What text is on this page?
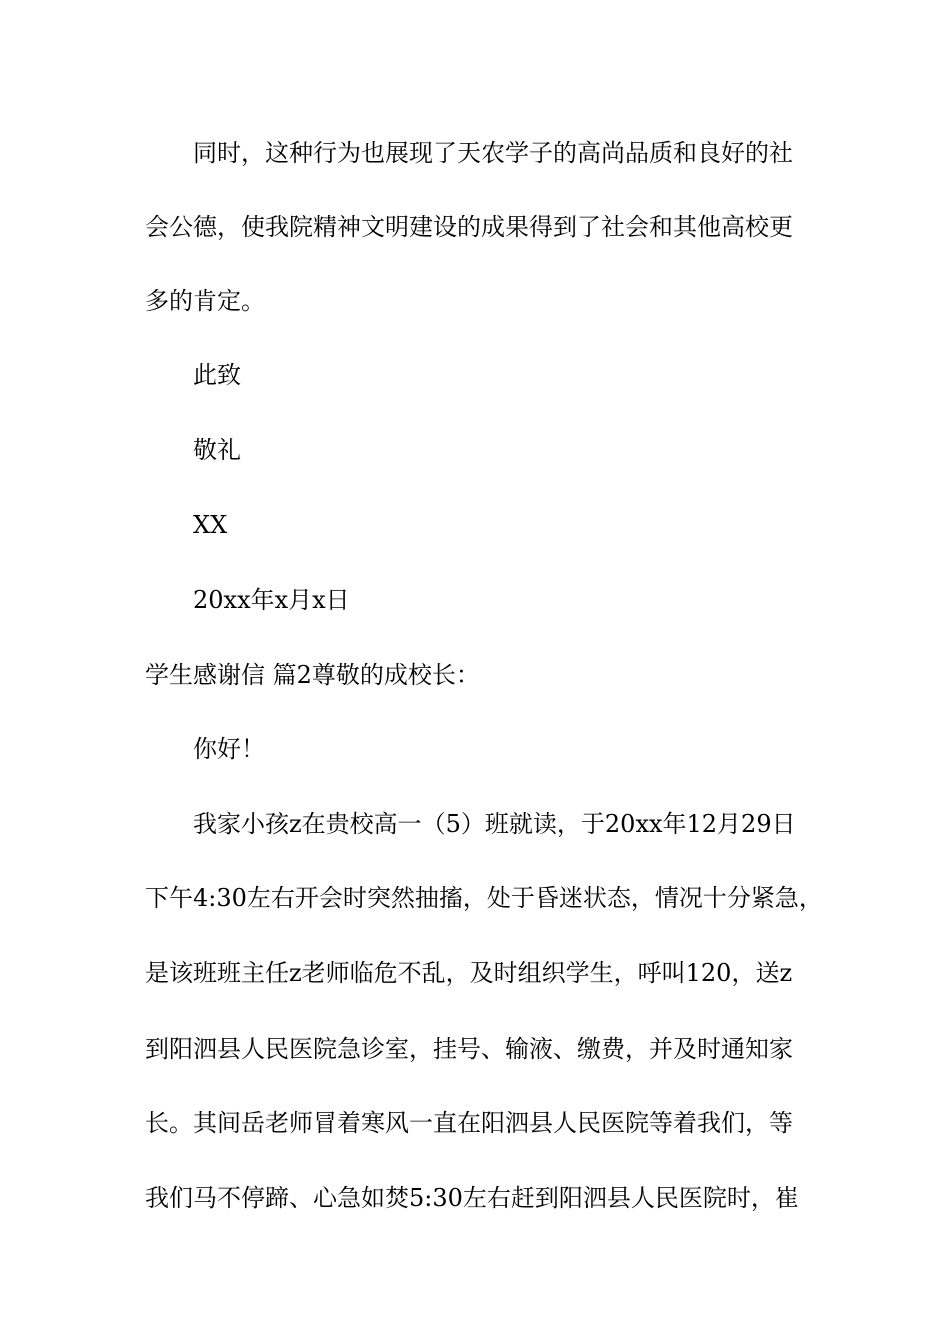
同时，这种行为也展现了天农学子的高尚品质和良好的社
会公德，使我院精神文明建设的成果得到了社会和其他高校更
多的肯定。
此致
敬礼
XX
20xx年x月x日
学生感谢信 篇2尊敬的成校长：
你好！
我家小孩z在贵校高一（5）班就读，于20xx年12月29日
下午4:30左右开会时突然抽搐，处于昏迷状态，情况十分紧急，
是该班班主任z老师临危不乱，及时组织学生，呼叫120，送z
到阳泗县人民医院急诊室，挂号、输液、缴费，并及时通知家
长。其间岳老师冒着寒风一直在阳泗县人民医院等着我们，等
我们马不停蹄、心急如焚5:30左右赶到阳泗县人民医院时，崔
